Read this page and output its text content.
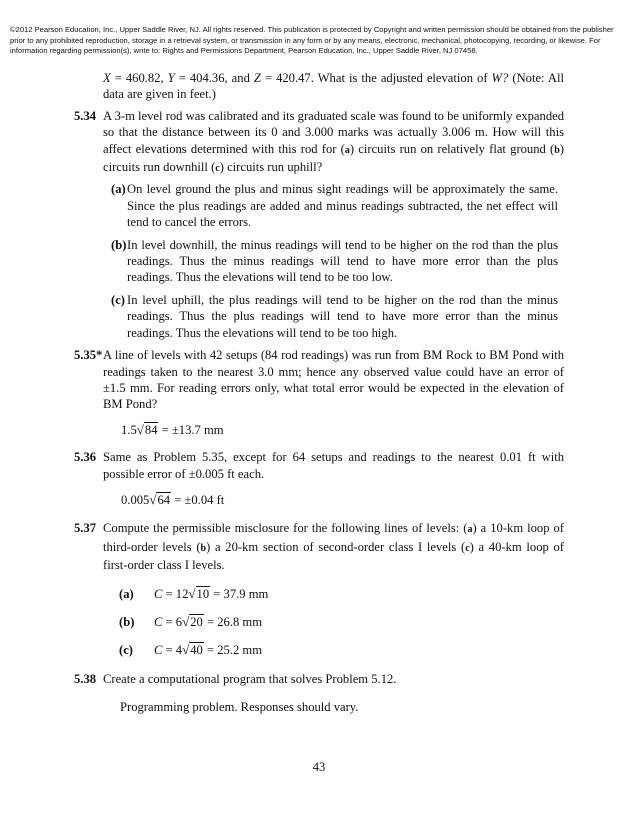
©2012 Pearson Education, Inc., Upper Saddle River, NJ. All rights reserved. This publication is protected by Copyright and written permission should be obtained from the publisher prior to any prohibited reproduction, storage in a retrieval system, or transmission in any form or by any means, electronic, mechanical, photocopying, recording, or likewise. For information regarding permission(s), write to: Rights and Permissions Department, Pearson Education, Inc., Upper Saddle River, NJ 07458.

X = 460.82, Y = 404.36, and Z = 420.47. What is the adjusted elevation of W? (Note: All data are given in feet.)

5.34 A 3-m level rod was calibrated and its graduated scale was found to be uniformly expanded so that the distance between its 0 and 3.000 marks was actually 3.006 m. How will this affect elevations determined with this rod for (a) circuits run on relatively flat ground (b) circuits run downhill (c) circuits run uphill?

(a) On level ground the plus and minus sight readings will be approximately the same. Since the plus readings are added and minus readings subtracted, the net effect will tend to cancel the errors.

(b) In level downhill, the minus readings will tend to be higher on the rod than the plus readings. Thus the minus readings will tend to have more error than the plus readings. Thus the elevations will tend to be too low.

(c) In level uphill, the plus readings will tend to be higher on the rod than the minus readings. Thus the plus readings will tend to have more error than the minus readings. Thus the elevations will tend to be too high.

5.35* A line of levels with 42 setups (84 rod readings) was run from BM Rock to BM Pond with readings taken to the nearest 3.0 mm; hence any observed value could have an error of ±1.5 mm. For reading errors only, what total error would be expected in the elevation of BM Pond?

1.5√84 = ±13.7 mm

5.36 Same as Problem 5.35, except for 64 setups and readings to the nearest 0.01 ft with possible error of ±0.005 ft each.

0.005√64 = ±0.04 ft

5.37 Compute the permissible misclosure for the following lines of levels: (a) a 10-km loop of third-order levels (b) a 20-km section of second-order class I levels (c) a 40-km loop of first-order class I levels.

(a) C = 12√10 = 37.9 mm

(b) C = 6√20 = 26.8 mm

(c) C = 4√40 = 25.2 mm

5.38 Create a computational program that solves Problem 5.12.

Programming problem. Responses should vary.

43
